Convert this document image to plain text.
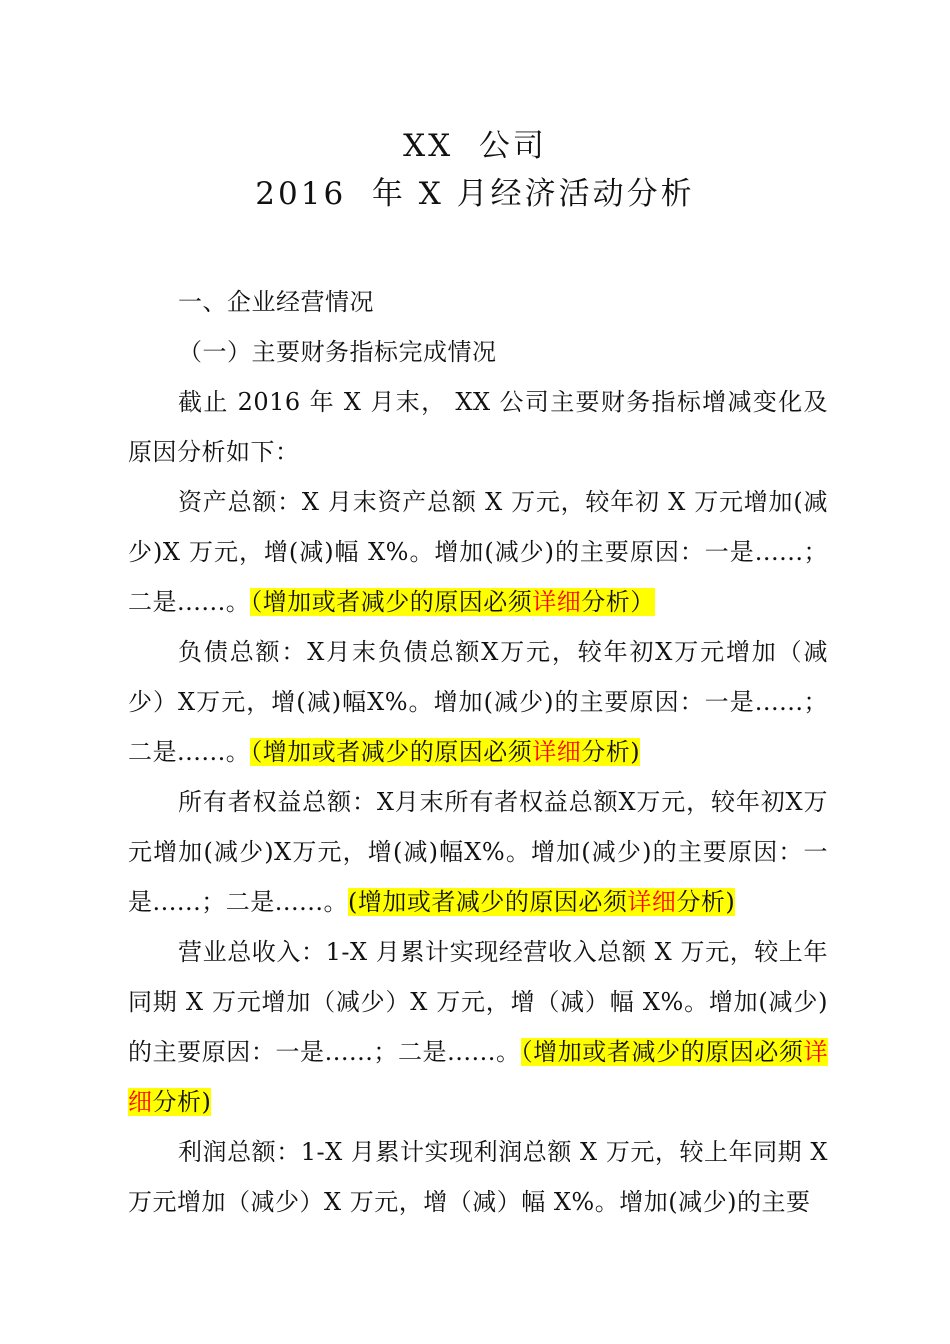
XX  公司
2016  年 X 月经济活动分析

一、企业经营情况

（一）主要财务指标完成情况

截止 2016 年 X 月末， XX 公司主要财务指标增减变化及原因分析如下：

资产总额：X 月末资产总额 X 万元，较年初 X 万元增加(减少)X 万元，增(减)幅 X%。增加(减少)的主要原因：一是......；二是......。（增加或者减少的原因必须详细分析）

负债总额：X月末负债总额X万元，较年初X万元增加（减少）X万元，增(减)幅X%。增加(减少)的主要原因：一是......；二是......。（增加或者减少的原因必须详细分析)

所有者权益总额：X月末所有者权益总额X万元，较年初X万元增加(减少)X万元，增(减)幅X%。增加(减少)的主要原因：一是......；二是......。(增加或者减少的原因必须详细分析)

营业总收入：1-X 月累计实现经营收入总额 X 万元，较上年同期 X 万元增加（减少）X 万元，增（减）幅 X%。增加(减少)的主要原因：一是......；二是......。（增加或者减少的原因必须详细分析)

利润总额：1-X 月累计实现利润总额 X 万元，较上年同期 X 万元增加（减少）X 万元，增（减）幅 X%。增加(减少)的主要
